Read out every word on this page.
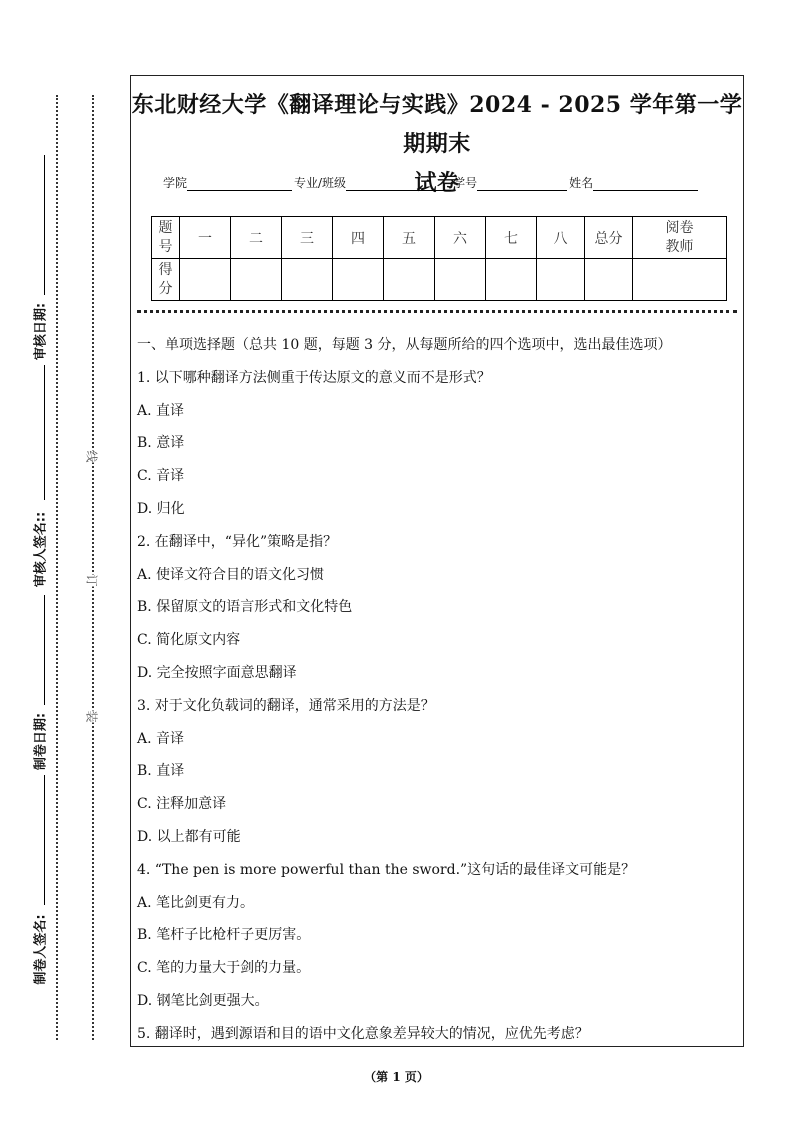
审核日期:
审核人签名::
制卷日期:
制卷人签名:
线
订
装
东北财经大学《翻译理论与实践》2024 - 2025 学年第一学期期末
试卷
学院	专业/班级	学号	姓名
题号	一	二	三	四	五	六	七	八	总分	阅卷教师
得分										
一、单项选择题（总共 10 题，每题 3 分，从每题所给的四个选项中，选出最佳选项）
1. 以下哪种翻译方法侧重于传达原文的意义而不是形式？
A. 直译
B. 意译
C. 音译
D. 归化
2. 在翻译中，“异化”策略是指？
A. 使译文符合目的语文化习惯
B. 保留原文的语言形式和文化特色
C. 简化原文内容
D. 完全按照字面意思翻译
3. 对于文化负载词的翻译，通常采用的方法是？
A. 音译
B. 直译
C. 注释加意译
D. 以上都有可能
4. “The pen is more powerful than the sword.”这句话的最佳译文可能是？
A. 笔比剑更有力。
B. 笔杆子比枪杆子更厉害。
C. 笔的力量大于剑的力量。
D. 钢笔比剑更强大。
5. 翻译时，遇到源语和目的语中文化意象差异较大的情况，应优先考虑？
（第 1 页）
